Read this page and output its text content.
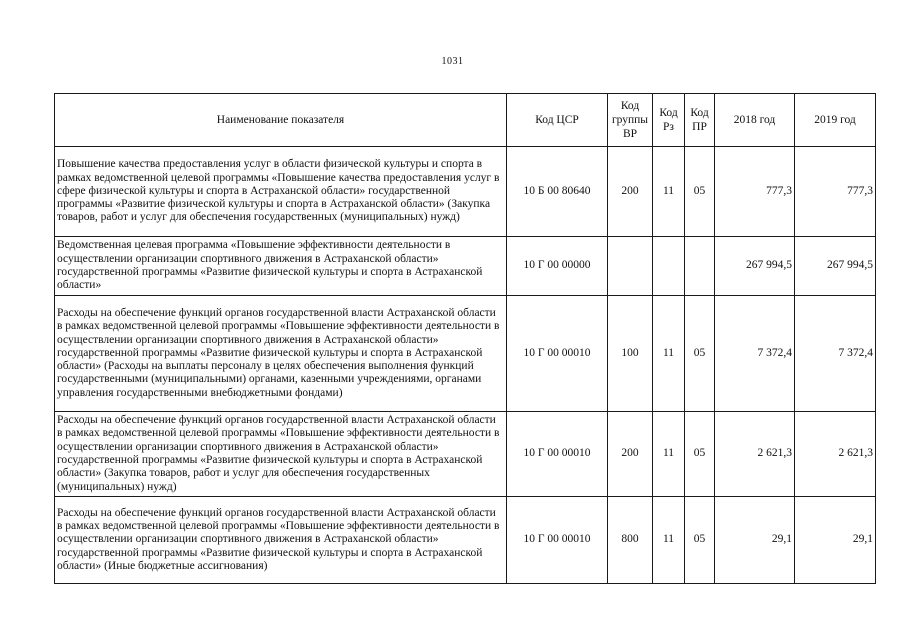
1031
Наименование показателя	Код ЦСР	Код группы ВР	Код Рз	Код ПР	2018 год	2019 год
Повышение качества предоставления услуг в области физической культуры и спорта в рамках ведомственной целевой программы «Повышение качества предоставления услуг в сфере физической культуры и спорта в Астраханской области» государственной программы «Развитие физической культуры и спорта в Астраханской области» (Закупка товаров, работ и услуг для обеспечения государственных (муниципальных) нужд)	10 Б 00 80640	200	11	05	777,3	777,3
Ведомственная целевая программа «Повышение эффективности деятельности в осуществлении организации спортивного движения в Астраханской области» государственной программы «Развитие физической культуры и спорта в Астраханской области»	10 Г 00 00000				267 994,5	267 994,5
Расходы на обеспечение функций органов государственной власти Астраханской области в рамках ведомственной целевой программы «Повышение эффективности деятельности в осуществлении организации спортивного движения в Астраханской области» государственной программы «Развитие физической культуры и спорта в Астраханской области» (Расходы на выплаты персоналу в целях обеспечения выполнения функций государственными (муниципальными) органами, казенными учреждениями, органами управления государственными внебюджетными фондами)	10 Г 00 00010	100	11	05	7 372,4	7 372,4
Расходы на обеспечение функций органов государственной власти Астраханской области в рамках ведомственной целевой программы «Повышение эффективности деятельности в осуществлении организации спортивного движения в Астраханской области» государственной программы «Развитие физической культуры и спорта в Астраханской области» (Закупка товаров, работ и услуг для обеспечения государственных (муниципальных) нужд)	10 Г 00 00010	200	11	05	2 621,3	2 621,3
Расходы на обеспечение функций органов государственной власти Астраханской области в рамках ведомственной целевой программы «Повышение эффективности деятельности в осуществлении организации спортивного движения в Астраханской области» государственной программы «Развитие физической культуры и спорта в Астраханской области» (Иные бюджетные ассигнования)	10 Г 00 00010	800	11	05	29,1	29,1
